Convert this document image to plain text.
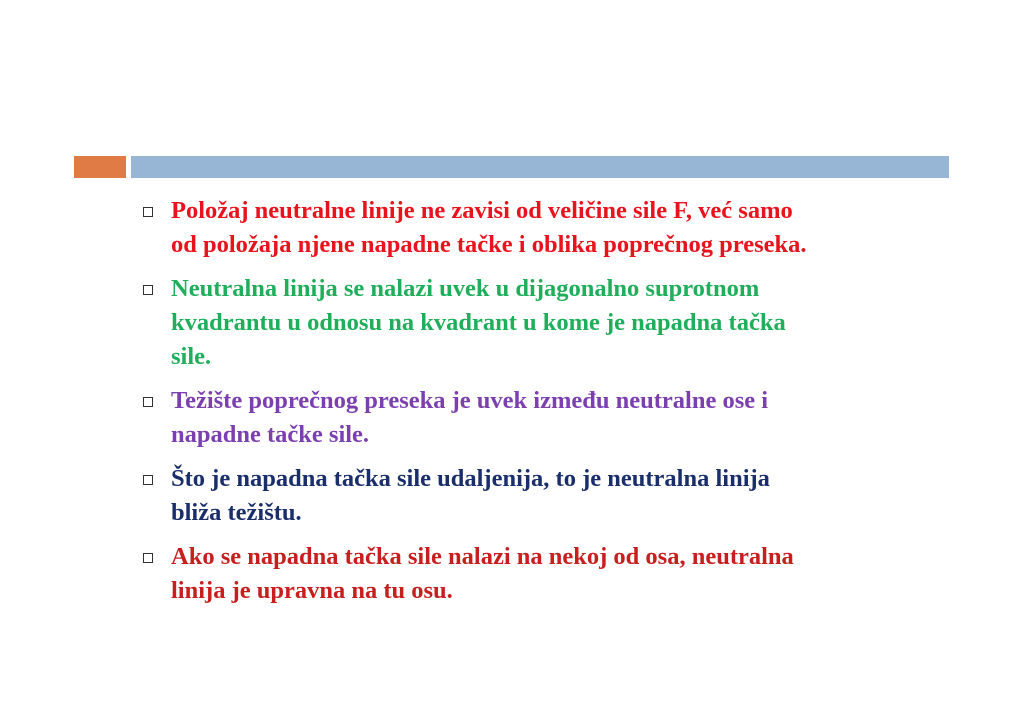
Položaj neutralne linije ne zavisi od veličine sile F, već samo
od položaja njene napadne tačke i oblika poprečnog preseka.
Neutralna linija se nalazi uvek u dijagonalno suprotnom
kvadrantu u odnosu na kvadrant u kome je napadna tačka
sile.
Težište poprečnog preseka je uvek između neutralne ose i
napadne tačke sile.
Što je napadna tačka sile udaljenija, to je neutralna linija
bliža težištu.
Ako se napadna tačka sile nalazi na nekoj od osa, neutralna
linija je upravna na tu osu.
